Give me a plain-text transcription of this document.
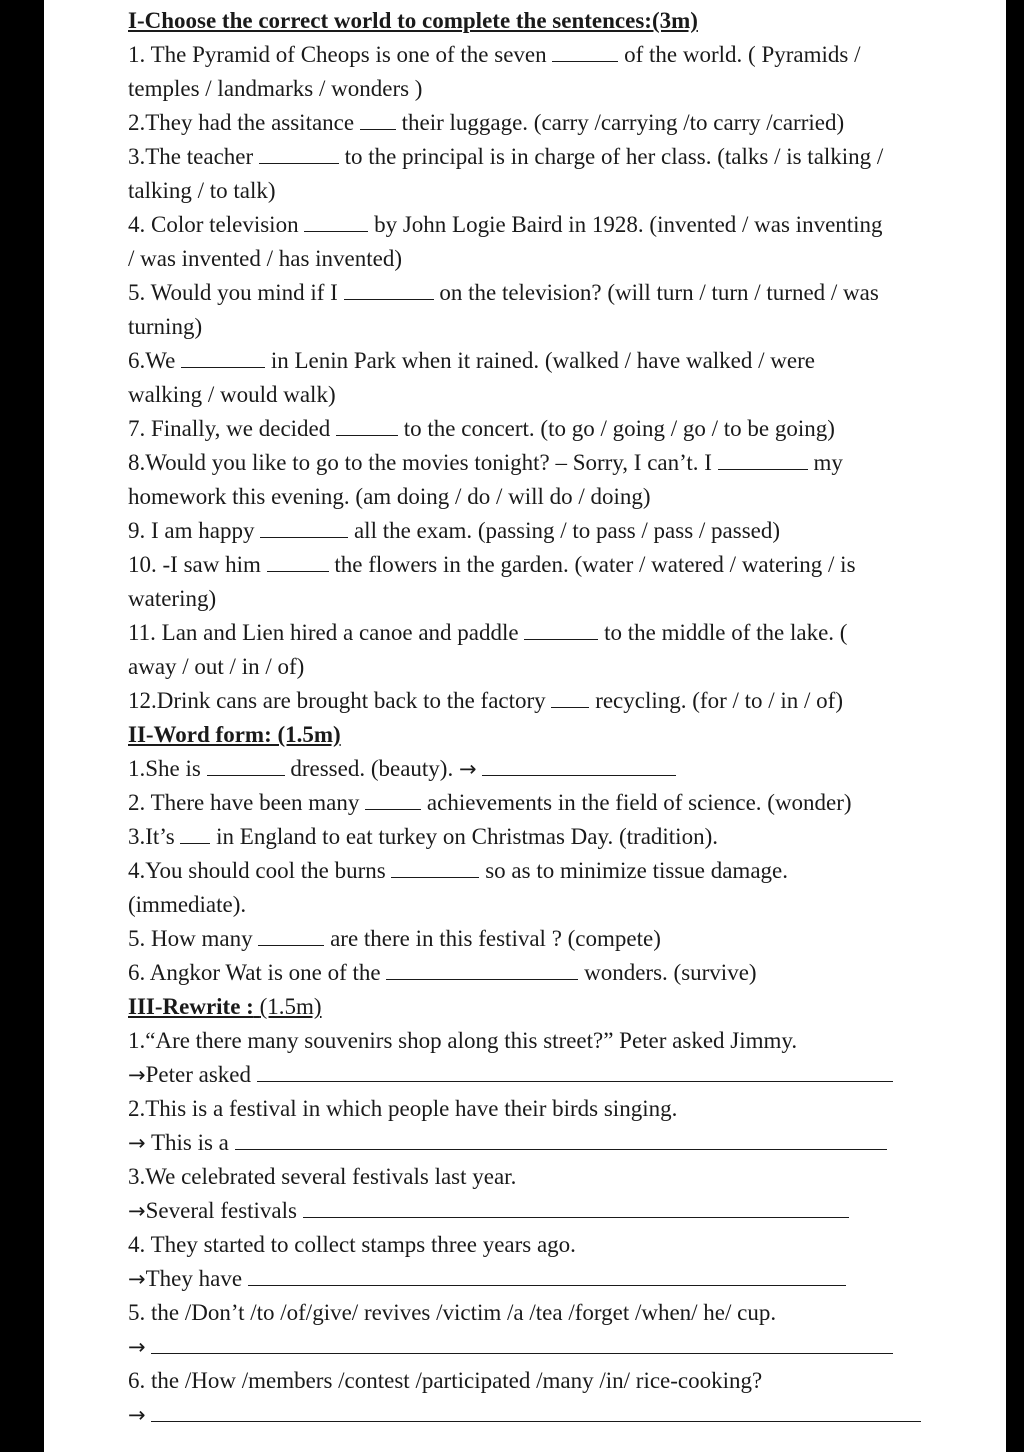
I-Choose the correct world to complete the sentences:(3m)
1. The Pyramid of Cheops is one of the seven	of the world. ( Pyramids /
temples / landmarks / wonders )
2.They had the assitance their luggage. (carry /carrying /to carry /carried)
3.The teacher	to the principal is in charge of her class. (talks / is talking /
talking / to talk)
4. Color television	by John Logie Baird in 1928. (invented / was inventing
/ was invented / has invented)
5. Would you mind if I	on the television? (will turn / turn / turned / was
turning)
6.We	in Lenin Park when it rained. (walked / have walked / were
walking / would walk)
7. Finally, we decided	to the concert. (to go / going / go / to be going)
8.Would you like to go to the movies tonight? – Sorry, I can’t. I	my
homework this evening. (am doing / do / will do / doing)
9. I am happy	all the exam. (passing / to pass / pass / passed)
10. -I saw him	the flowers in the garden. (water / watered / watering / is
watering)
11. Lan and Lien hired a canoe and paddle	to the middle of the lake. (
away / out / in / of)
12.Drink cans are brought back to the factory recycling. (for / to / in / of)
II-Word form: (1.5m)
1.She is	dressed. (beauty). →
2. There have been many	achievements in the field of science. (wonder)
3.It’s in England to eat turkey on Christmas Day. (tradition).
4.You should cool the burns	so as to minimize tissue damage.
(immediate).
5. How many	are there in this festival ? (compete)
6. Angkor Wat is one of the	wonders. (survive)
III-Rewrite : (1.5m)
1.“Are there many souvenirs shop along this street?” Peter asked Jimmy.
→Peter asked
2.This is a festival in which people have their birds singing.
→ This is a
3.We celebrated several festivals last year.
→Several festivals
4. They started to collect stamps three years ago.
→They have
5. the /Don’t /to /of/give/ revives /victim /a /tea /forget /when/ he/ cup.
→
6. the /How /members /contest /participated /many /in/ rice-cooking?
→
